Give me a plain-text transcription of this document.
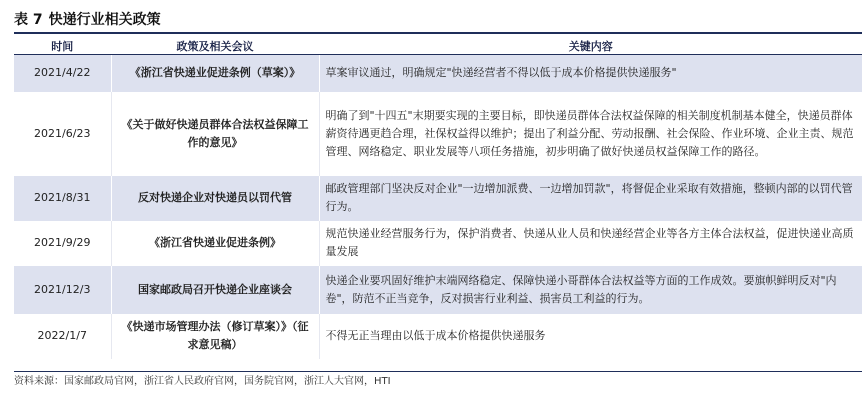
表 7 快递行业相关政策
时间	政策及相关会议	关键内容
2021/4/22	《浙江省快递业促进条例（草案）》	草案审议通过，明确规定"快递经营者不得以低于成本价格提供快递服务"
2021/6/23	《关于做好快递员群体合法权益保障工作的意见》	明确了到"十四五"末期要实现的主要目标，即快递员群体合法权益保障的相关制度机制基本健全，快递员群体薪资待遇更趋合理，社保权益得以维护；提出了利益分配、劳动报酬、社会保险、作业环境、企业主责、规范管理、网络稳定、职业发展等八项任务措施，初步明确了做好快递员权益保障工作的路径。
2021/8/31	反对快递企业对快递员以罚代管	邮政管理部门坚决反对企业"一边增加派费、一边增加罚款"，将督促企业采取有效措施，整顿内部的以罚代管行为。
2021/9/29	《浙江省快递业促进条例》	规范快递业经营服务行为，保护消费者、快递从业人员和快递经营企业等各方主体合法权益，促进快递业高质量发展
2021/12/3	国家邮政局召开快递企业座谈会	快递企业要巩固好维护末端网络稳定、保障快递小哥群体合法权益等方面的工作成效。要旗帜鲜明反对"内卷"，防范不正当竞争，反对损害行业利益、损害员工利益的行为。
2022/1/7	《快递市场管理办法（修订草案）》（征求意见稿）	不得无正当理由以低于成本价格提供快递服务
资料来源：国家邮政局官网，浙江省人民政府官网，国务院官网，浙江人大官网，HTI
